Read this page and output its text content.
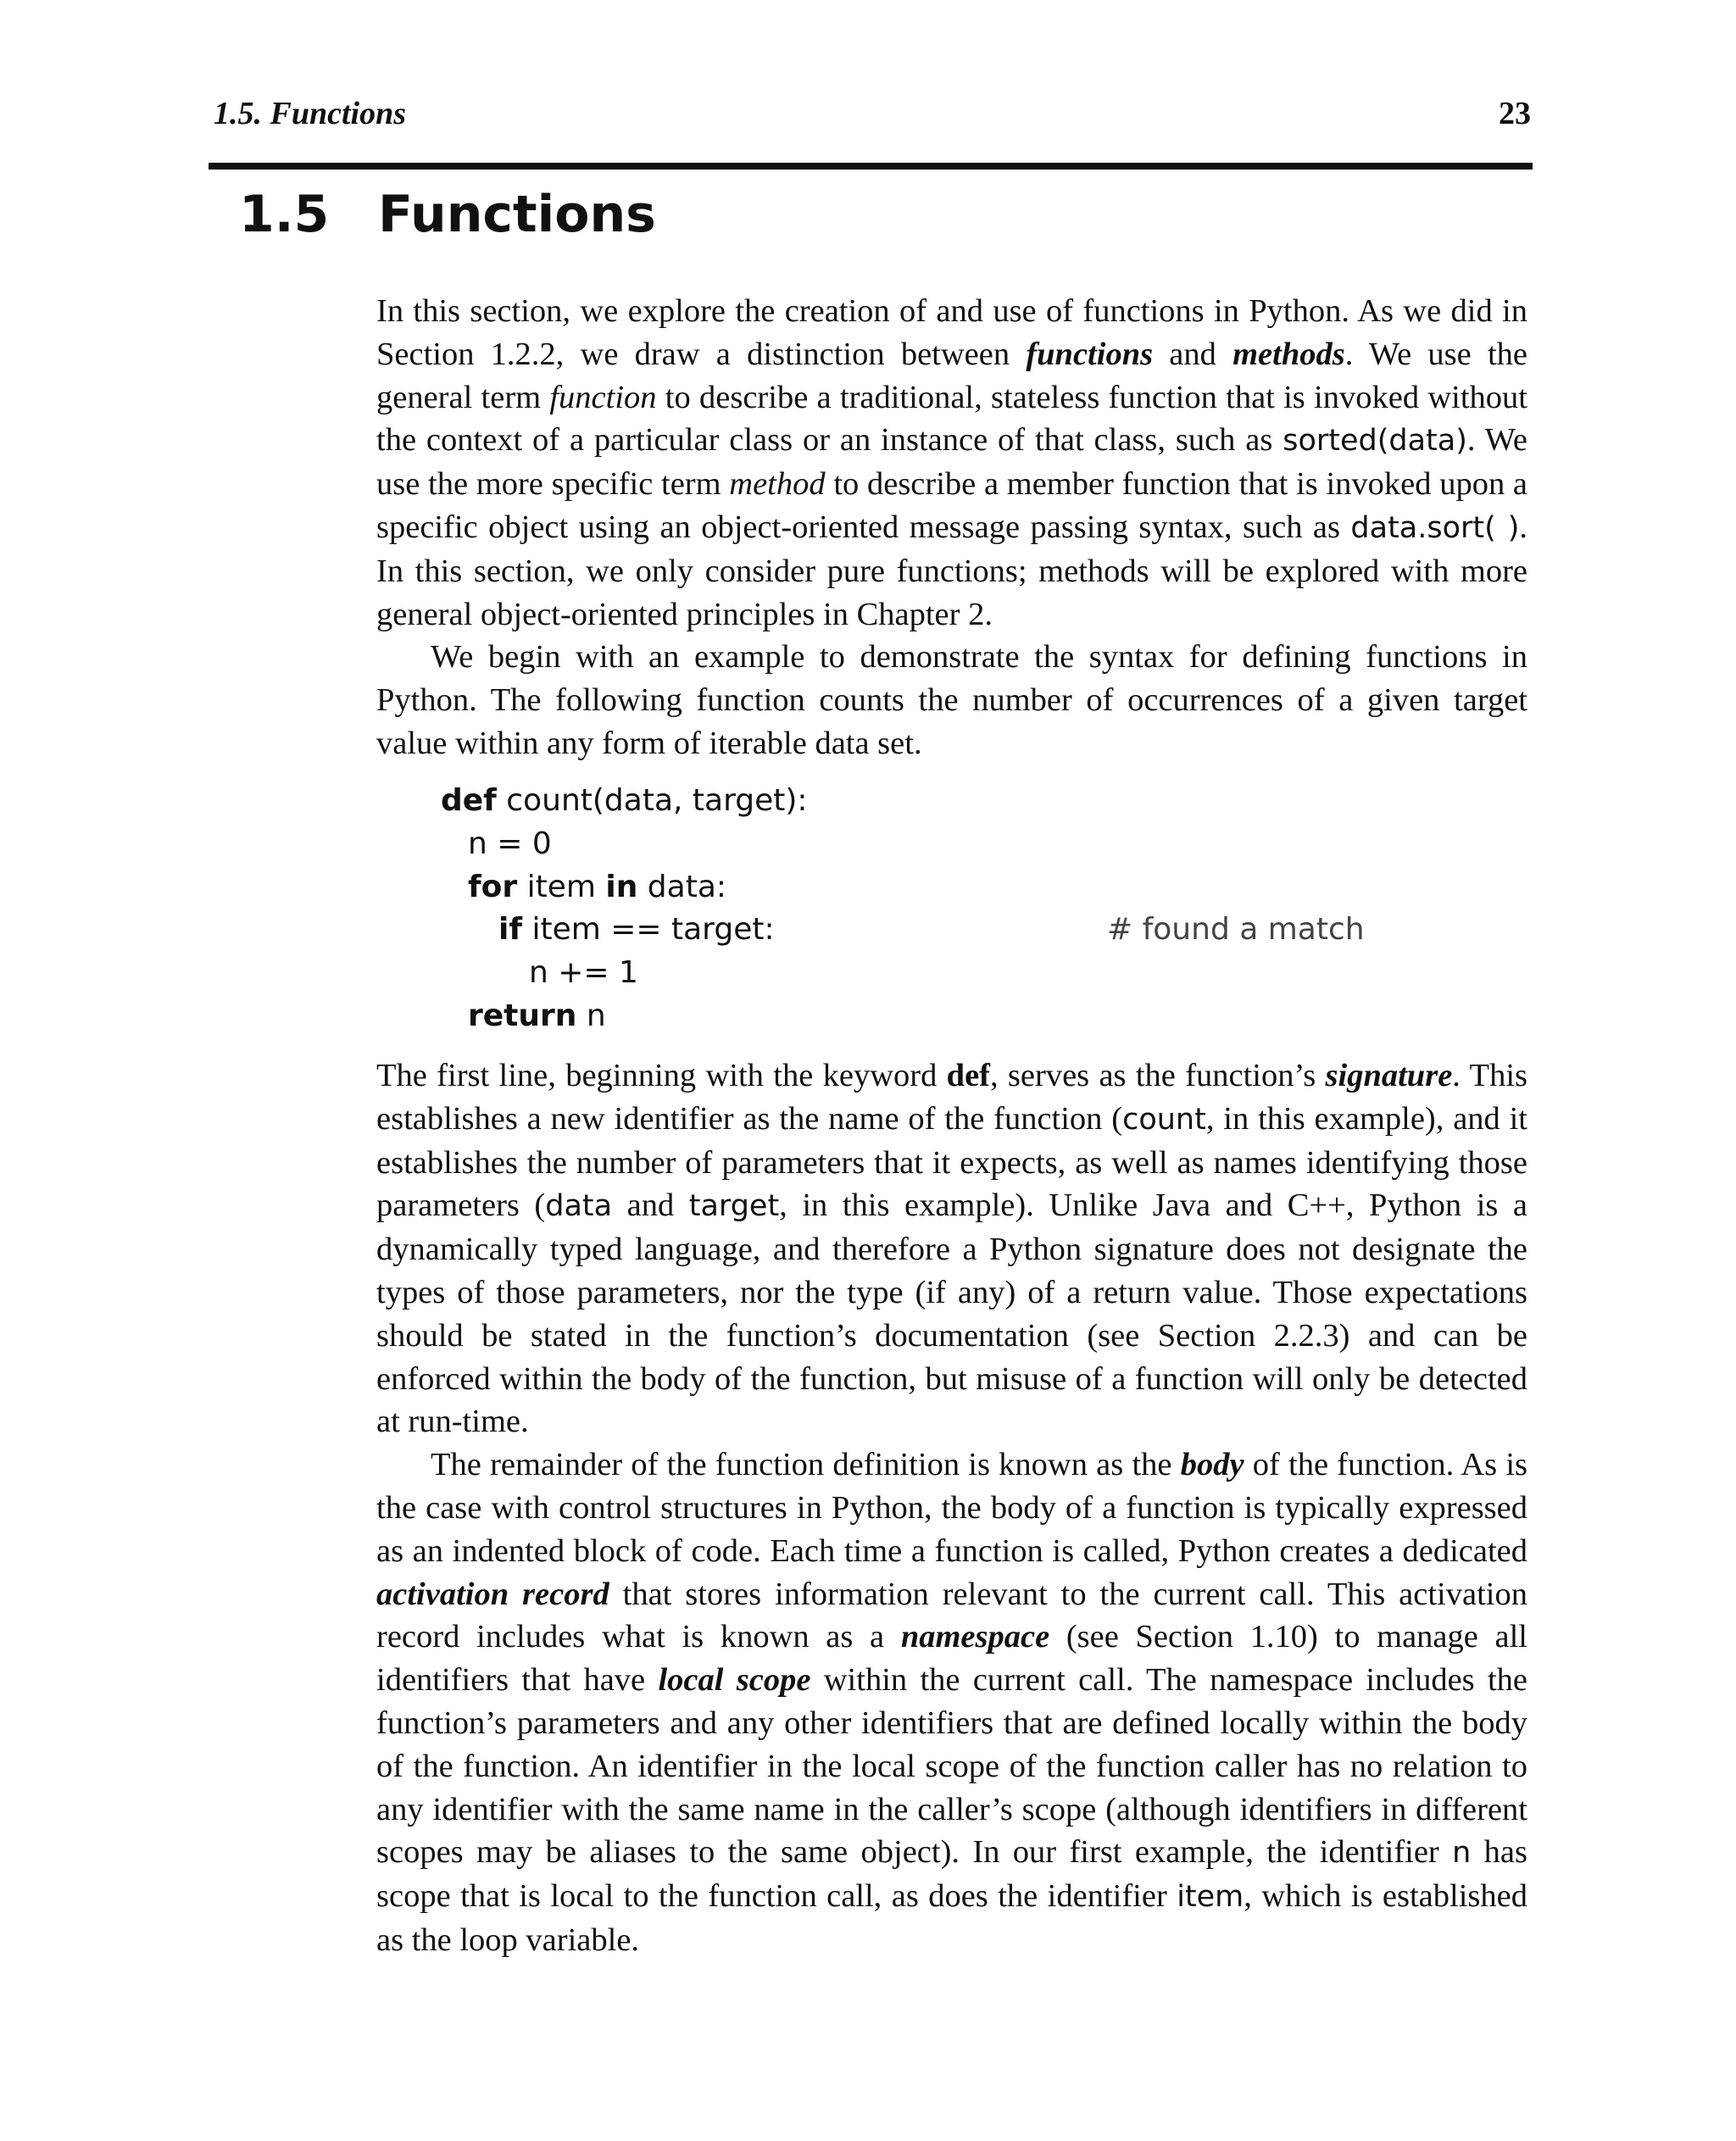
1.5. Functions	23
1.5 Functions

In this section, we explore the creation of and use of functions in Python. As we did in Section 1.2.2, we draw a distinction between functions and methods. We use the general term function to describe a traditional, stateless function that is invoked without the context of a particular class or an instance of that class, such as sorted(data). We use the more specific term method to describe a member function that is invoked upon a specific object using an object-oriented message passing syntax, such as data.sort( ). In this section, we only consider pure functions; methods will be explored with more general object-oriented principles in Chapter 2.

We begin with an example to demonstrate the syntax for defining functions in Python. The following function counts the number of occurrences of a given target value within any form of iterable data set.

def count(data, target):
n = 0
for item in data:
if item == target:	# found a match
n += 1
return n

The first line, beginning with the keyword def, serves as the function’s signature. This establishes a new identifier as the name of the function (count, in this example), and it establishes the number of parameters that it expects, as well as names identifying those parameters (data and target, in this example). Unlike Java and C++, Python is a dynamically typed language, and therefore a Python signature does not designate the types of those parameters, nor the type (if any) of a return value. Those expectations should be stated in the function’s documentation (see Section 2.2.3) and can be enforced within the body of the function, but misuse of a function will only be detected at run-time.

The remainder of the function definition is known as the body of the function. As is the case with control structures in Python, the body of a function is typically expressed as an indented block of code. Each time a function is called, Python creates a dedicated activation record that stores information relevant to the current call. This activation record includes what is known as a namespace (see Section 1.10) to manage all identifiers that have local scope within the current call. The namespace includes the function’s parameters and any other identifiers that are defined locally within the body of the function. An identifier in the local scope of the function caller has no relation to any identifier with the same name in the caller’s scope (although identifiers in different scopes may be aliases to the same object). In our first example, the identifier n has scope that is local to the function call, as does the identifier item, which is established as the loop variable.
